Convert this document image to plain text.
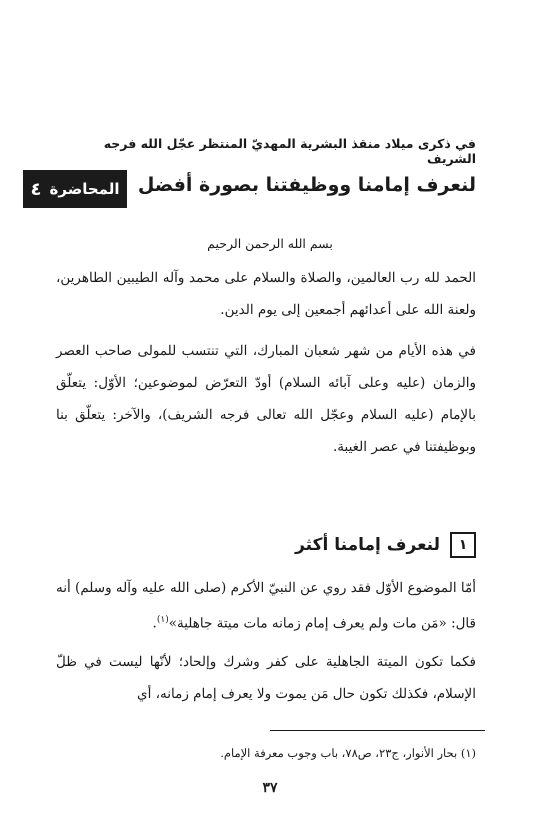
في ذكرى ميلاد منقذ البشرية المهديّ المنتظر عجّل الله فرجه الشريف
المحاضرة
٤	لنعرف إمامنا ووظيفتنا بصورة أفضل
بسم الله الرحمن الرحيم
الحمد لله رب العالمين، والصلاة والسلام على محمد وآله الطيبين الطاهرين، ولعنة الله على أعدائهم أجمعين إلى يوم الدين.
في هذه الأيام من شهر شعبان المبارك، التي تنتسب للمولى صاحب العصر والزمان (عليه وعلى آبائه السلام) أودّ التعرّض لموضوعين؛ الأوّل: يتعلّق بالإمام (عليه السلام وعجّل الله تعالى فرجه الشريف)، والآخر: يتعلّق بنا وبوظيفتنا في عصر الغيبة.
١
لنعرف إمامنا أكثر
أمّا الموضوع الأوّل فقد روي عن النبيّ الأكرم (صلى الله عليه وآله وسلم) أنه قال: «مَن مات ولم يعرف إمام زمانه مات ميتة جاهلية»$^{(١)}$.
فكما تكون الميتة الجاهلية على كفر وشرك وإلحاد؛ لأنّها ليست في ظلّ الإسلام، فكذلك تكون حال مَن يموت ولا يعرف إمام زمانه، أي
(١) بحار الأنوار، ج٢٣، ص٧٨، باب وجوب معرفة الإمام.
٣٧
